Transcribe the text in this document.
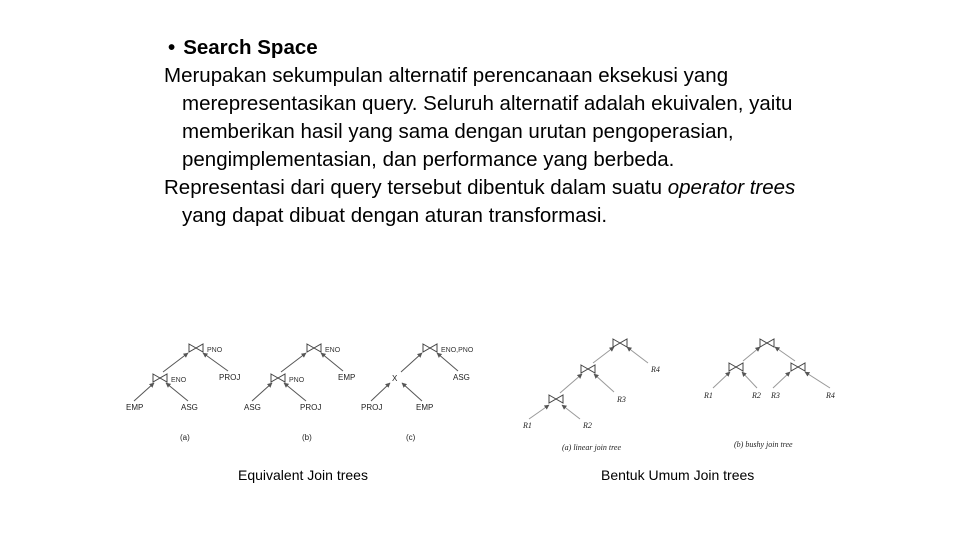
• Search Space
Merupakan sekumpulan alternatif perencanaan eksekusi yang merepresentasikan query. Seluruh alternatif adalah ekuivalen, yaitu memberikan hasil yang sama dengan urutan pengoperasian, pengimplementasian, dan performance yang berbeda.
Representasi dari query tersebut dibentuk dalam suatu operator trees yang dapat dibuat dengan aturan transformasi.
PNO
ENO
EMP	ASG
PROJ
(a)
ENO
PNO
ASG	PROJ
EMP
(b)
ENO,PNO
X
PROJ	EMP
ASG
(c)
R1	R2
R3
R4
(a) linear join tree
R1	R2 R3	R4
(b) bushy join tree
Equivalent Join trees	Bentuk Umum Join trees
